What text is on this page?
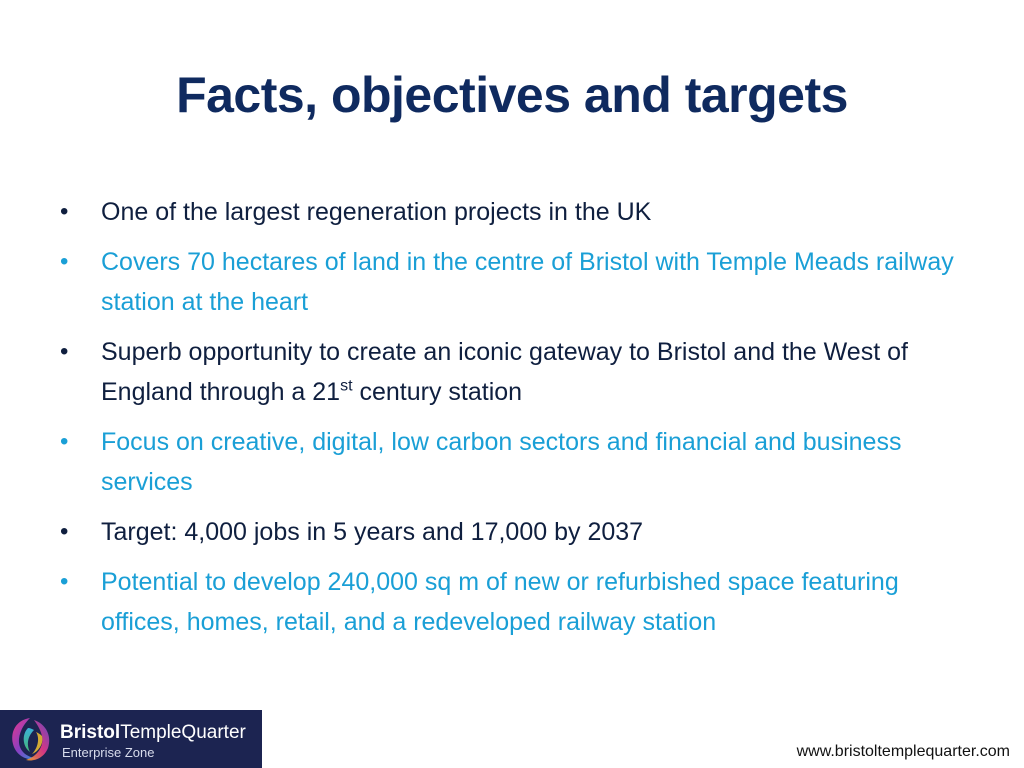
Facts, objectives and targets
•	One of the largest regeneration projects in the UK
•	Covers 70 hectares of land in the centre of Bristol with Temple Meads railway station at the heart
•	Superb opportunity to create an iconic gateway to Bristol and the West of England through a 21st century station
•	Focus on creative, digital, low carbon sectors and financial and business services
•	Target: 4,000 jobs in 5 years and 17,000 by 2037
•	Potential to develop 240,000 sq m of new or refurbished space featuring offices, homes, retail, and a redeveloped railway station
BristolTempleQuarter
Enterprise Zone	www.bristoltemplequarter.com
